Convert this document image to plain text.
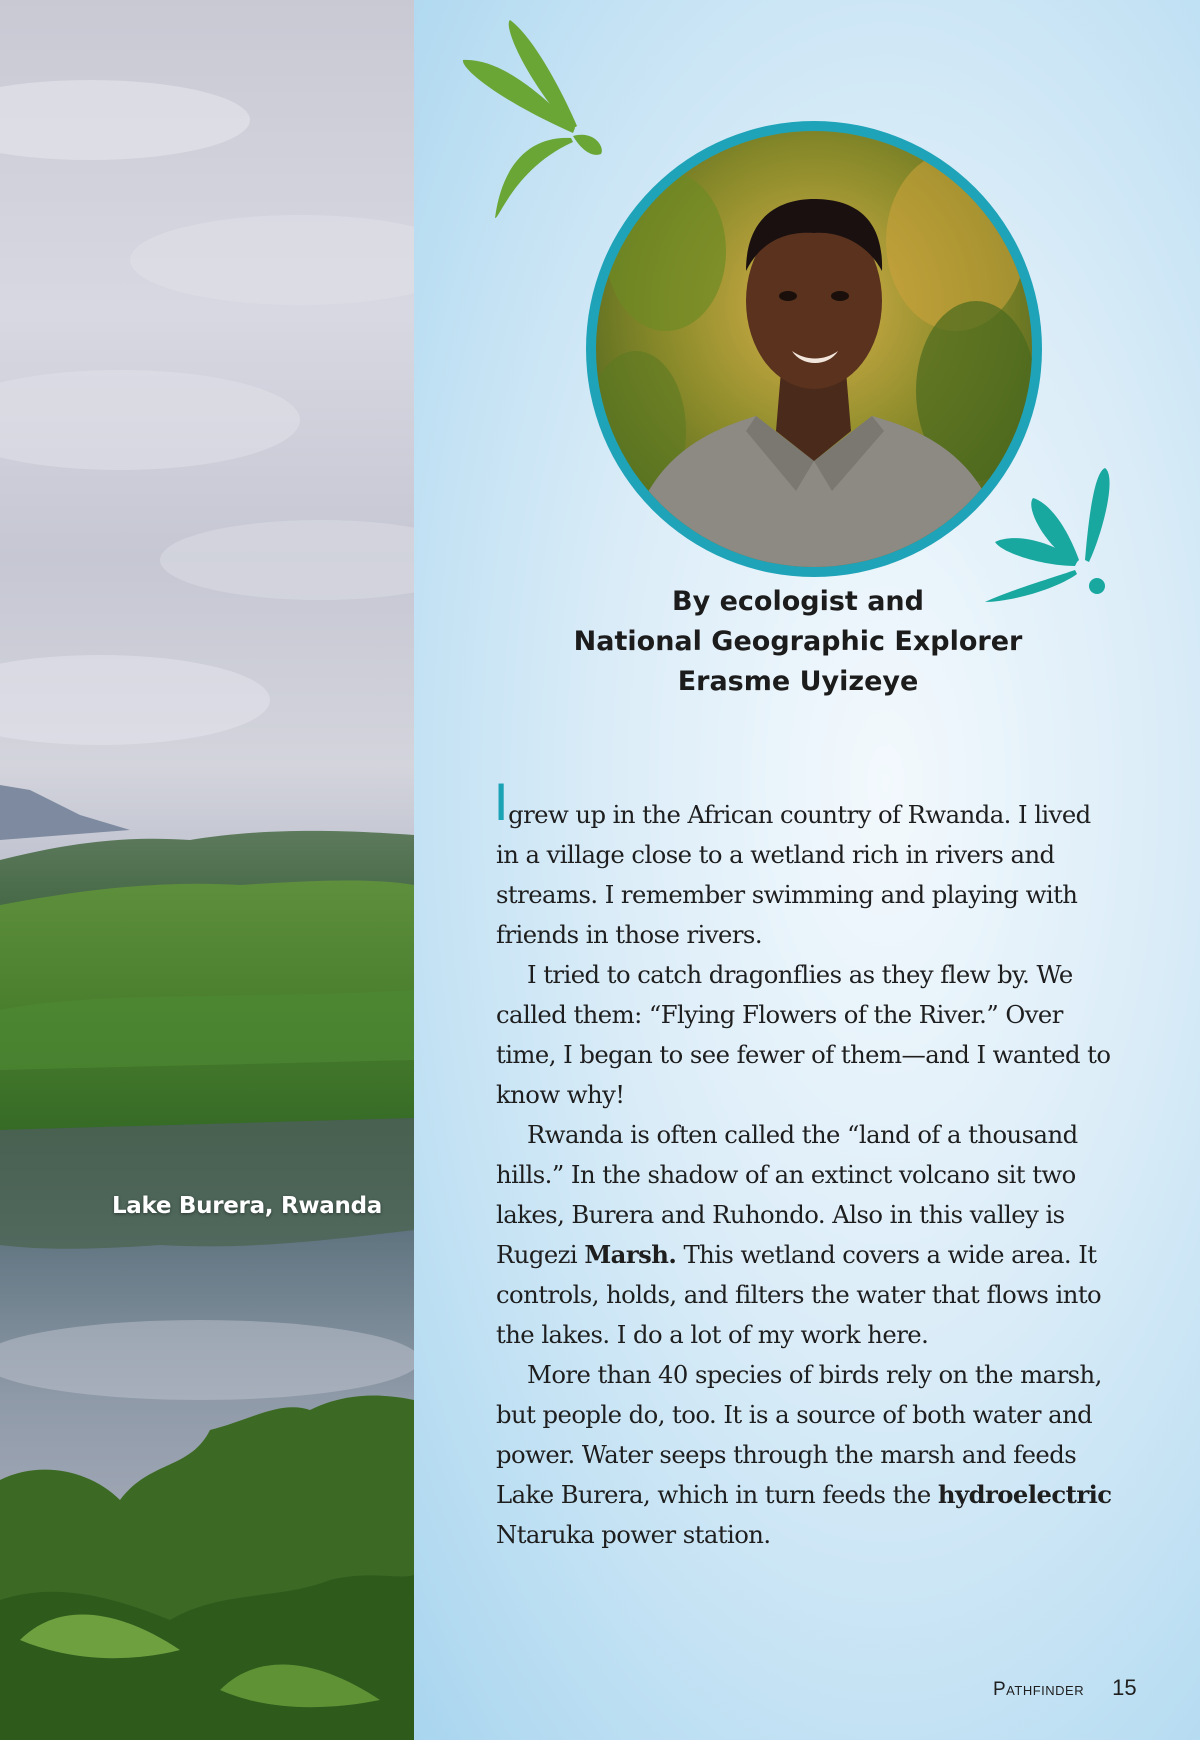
Lake Burera, Rwanda
By ecologist and
National Geographic Explorer
Erasme Uyizeye

Igrew up in the African country of Rwanda. I lived in a village close to a wetland rich in rivers and streams. I remember swimming and playing with friends in those rivers.

I tried to catch dragonflies as they flew by. We called them: “Flying Flowers of the River.” Over time, I began to see fewer of them—and I wanted to know why!

Rwanda is often called the “land of a thousand hills.” In the shadow of an extinct volcano sit two lakes, Burera and Ruhondo. Also in this valley is Rugezi Marsh. This wetland covers a wide area. It controls, holds, and filters the water that flows into the lakes. I do a lot of my work here.

More than 40 species of birds rely on the marsh, but people do, too. It is a source of both water and power. Water seeps through the marsh and feeds Lake Burera, which in turn feeds the hydroelectric Ntaruka power station.

Pathfinder 15
